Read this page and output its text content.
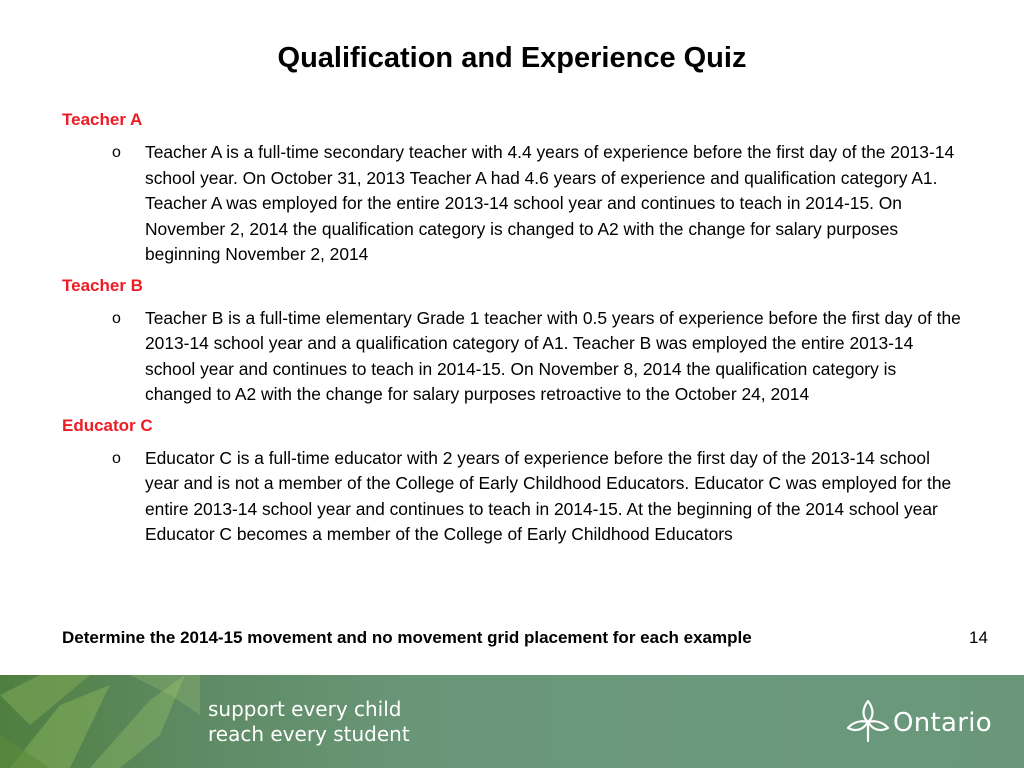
Qualification and Experience Quiz
Teacher A
o Teacher A is a full-time secondary teacher with 4.4 years of experience before the first day of the 2013-14 school year. On October 31, 2013 Teacher A had 4.6 years of experience and qualification category A1. Teacher A was employed for the entire 2013-14 school year and continues to teach in 2014-15. On November 2, 2014 the qualification category is changed to A2 with the change for salary purposes beginning November 2, 2014
Teacher B
o Teacher B is a full-time elementary Grade 1 teacher with 0.5 years of experience before the first day of the 2013-14 school year and a qualification category of A1. Teacher B was employed the entire 2013-14 school year and continues to teach in 2014-15. On November 8, 2014 the qualification category is changed to A2 with the change for salary purposes retroactive to the October 24, 2014
Educator C
o Educator C is a full-time educator with 2 years of experience before the first day of the 2013-14 school year and is not a member of the College of Early Childhood Educators. Educator C was employed for the entire 2013-14 school year and continues to teach in 2014-15. At the beginning of the 2014 school year Educator C becomes a member of the College of Early Childhood Educators
Determine the 2014-15 movement and no movement grid placement for each example	14
support every child
reach every student	Ontario
